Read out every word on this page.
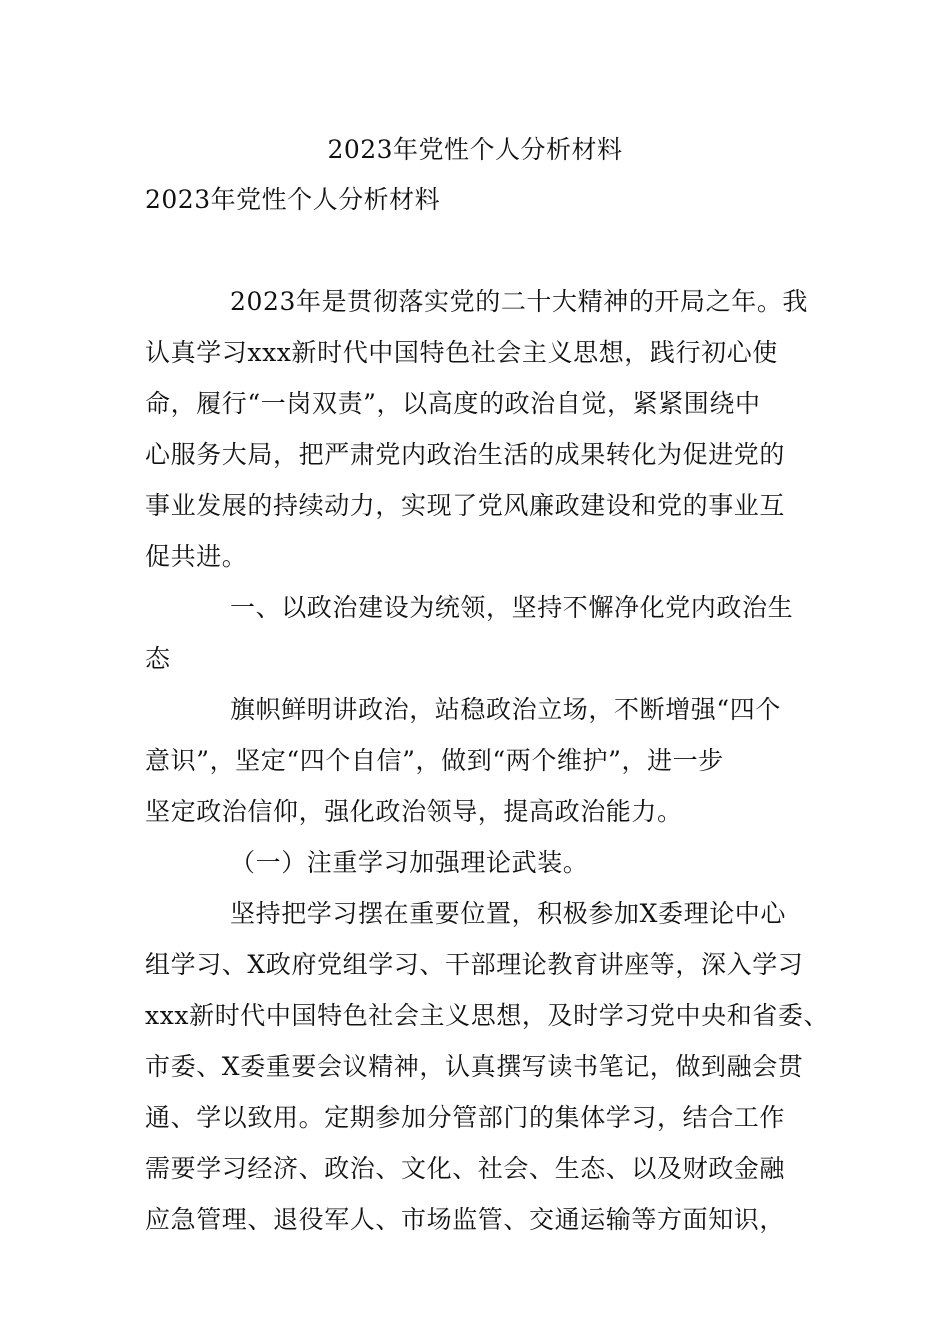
2023年党性个人分析材料
2023年党性个人分析材料
2023年是贯彻落实党的二十大精神的开局之年。我
认真学习xxx新时代中国特色社会主义思想，践行初心使
命，履行“一岗双责”，以高度的政治自觉，紧紧围绕中
心服务大局，把严肃党内政治生活的成果转化为促进党的
事业发展的持续动力，实现了党风廉政建设和党的事业互
促共进。
一、以政治建设为统领，坚持不懈净化党内政治生
态
旗帜鲜明讲政治，站稳政治立场，不断增强“四个
意识”，坚定“四个自信”，做到“两个维护”，进一步
坚定政治信仰，强化政治领导，提高政治能力。
（一）注重学习加强理论武装。
坚持把学习摆在重要位置，积极参加X委理论中心
组学习、X政府党组学习、干部理论教育讲座等，深入学习
xxx新时代中国特色社会主义思想，及时学习党中央和省委、
市委、X委重要会议精神，认真撰写读书笔记，做到融会贯
通、学以致用。定期参加分管部门的集体学习，结合工作
需要学习经济、政治、文化、社会、生态、以及财政金融
应急管理、退役军人、市场监管、交通运输等方面知识，
